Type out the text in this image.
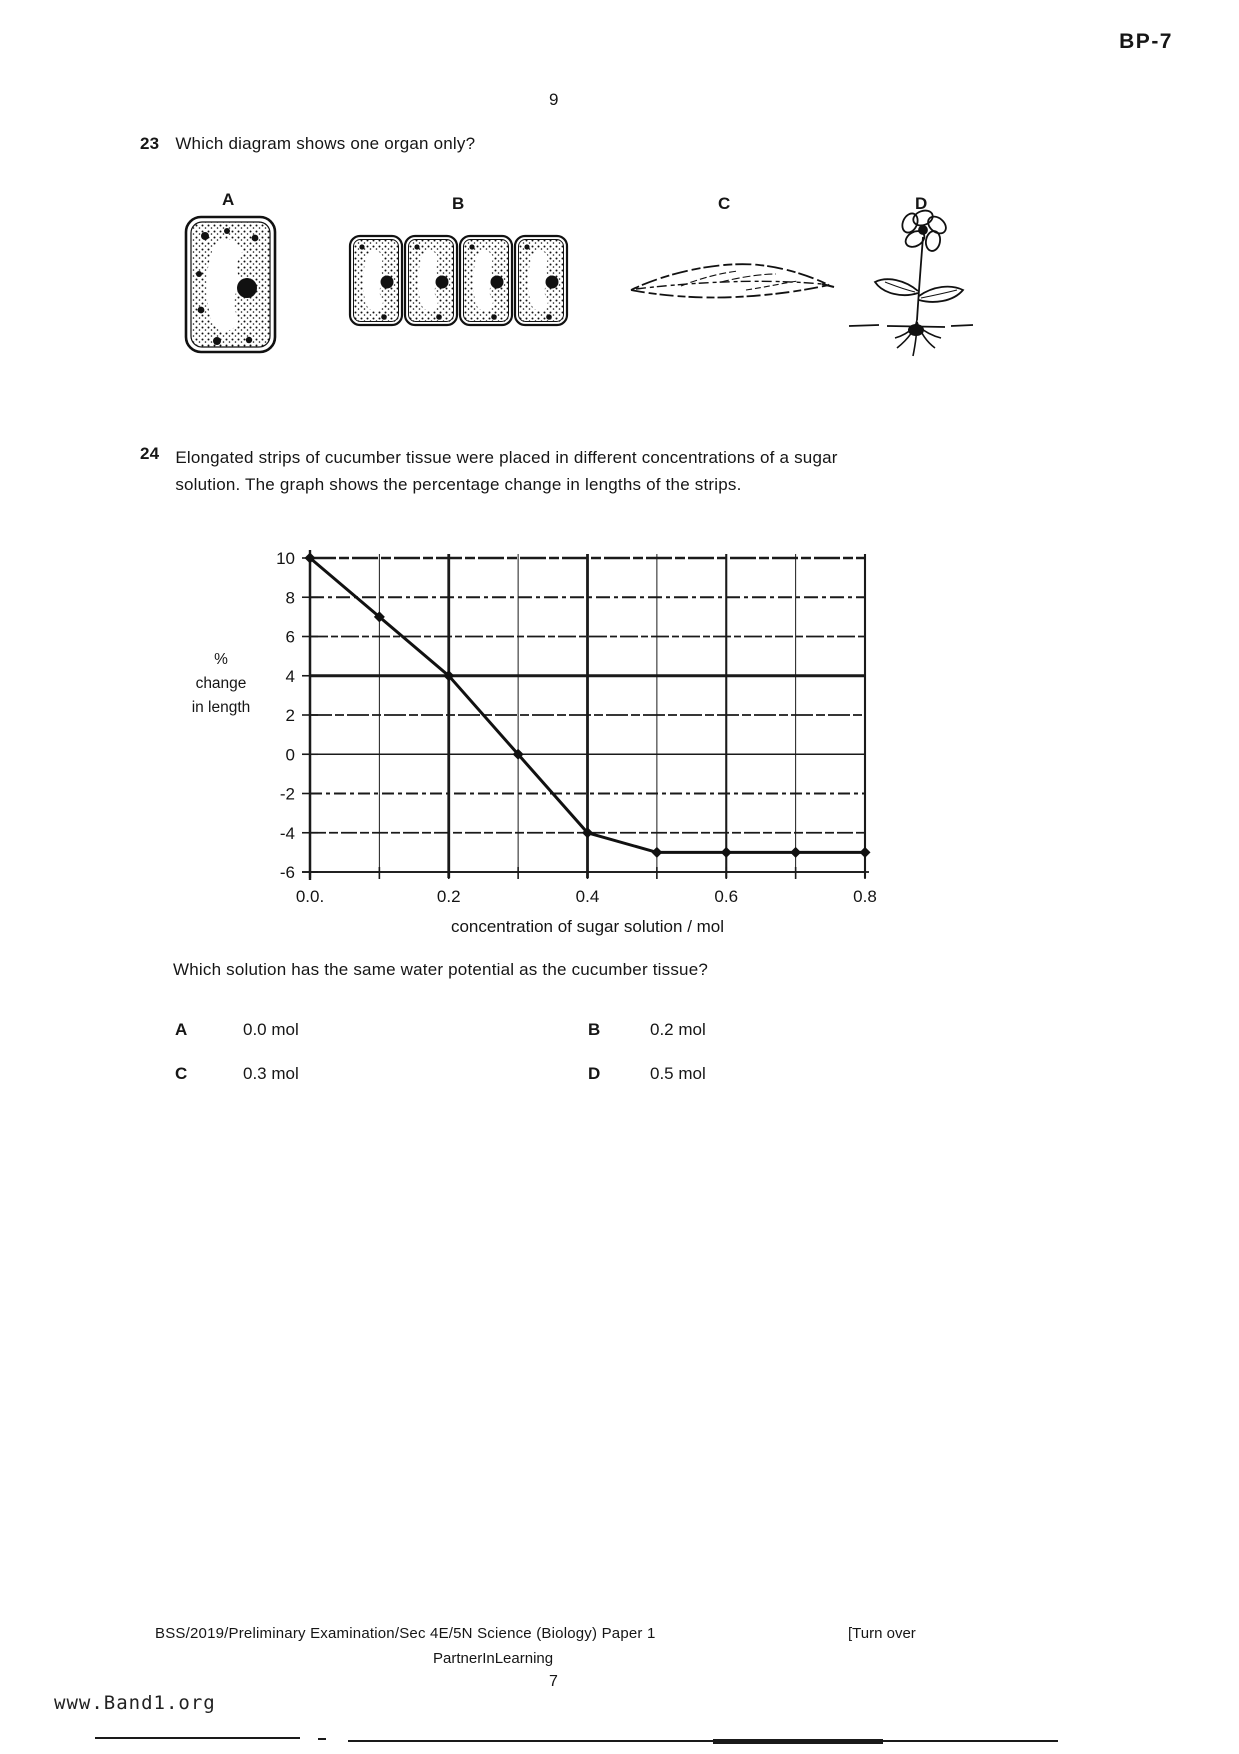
BP-7
9
23 Which diagram shows one organ only?
A	B	C	D
24 Elongated strips of cucumber tissue were placed in different concentrations of a sugar
solution. The graph shows the percentage change in lengths of the strips.
%
change
in length
10
8
6
4
2
0
-2
-4
-6
0.0.	0.2	0.4	0.6	0.8
concentration of sugar solution / mol
Which solution has the same water potential as the cucumber tissue?
A	0.0 mol	B	0.2 mol
C	0.3 mol	D	0.5 mol
BSS/2019/Preliminary Examination/Sec 4E/5N Science (Biology) Paper 1	[Turn over
PartnerInLearning
7
www.Band1.org
